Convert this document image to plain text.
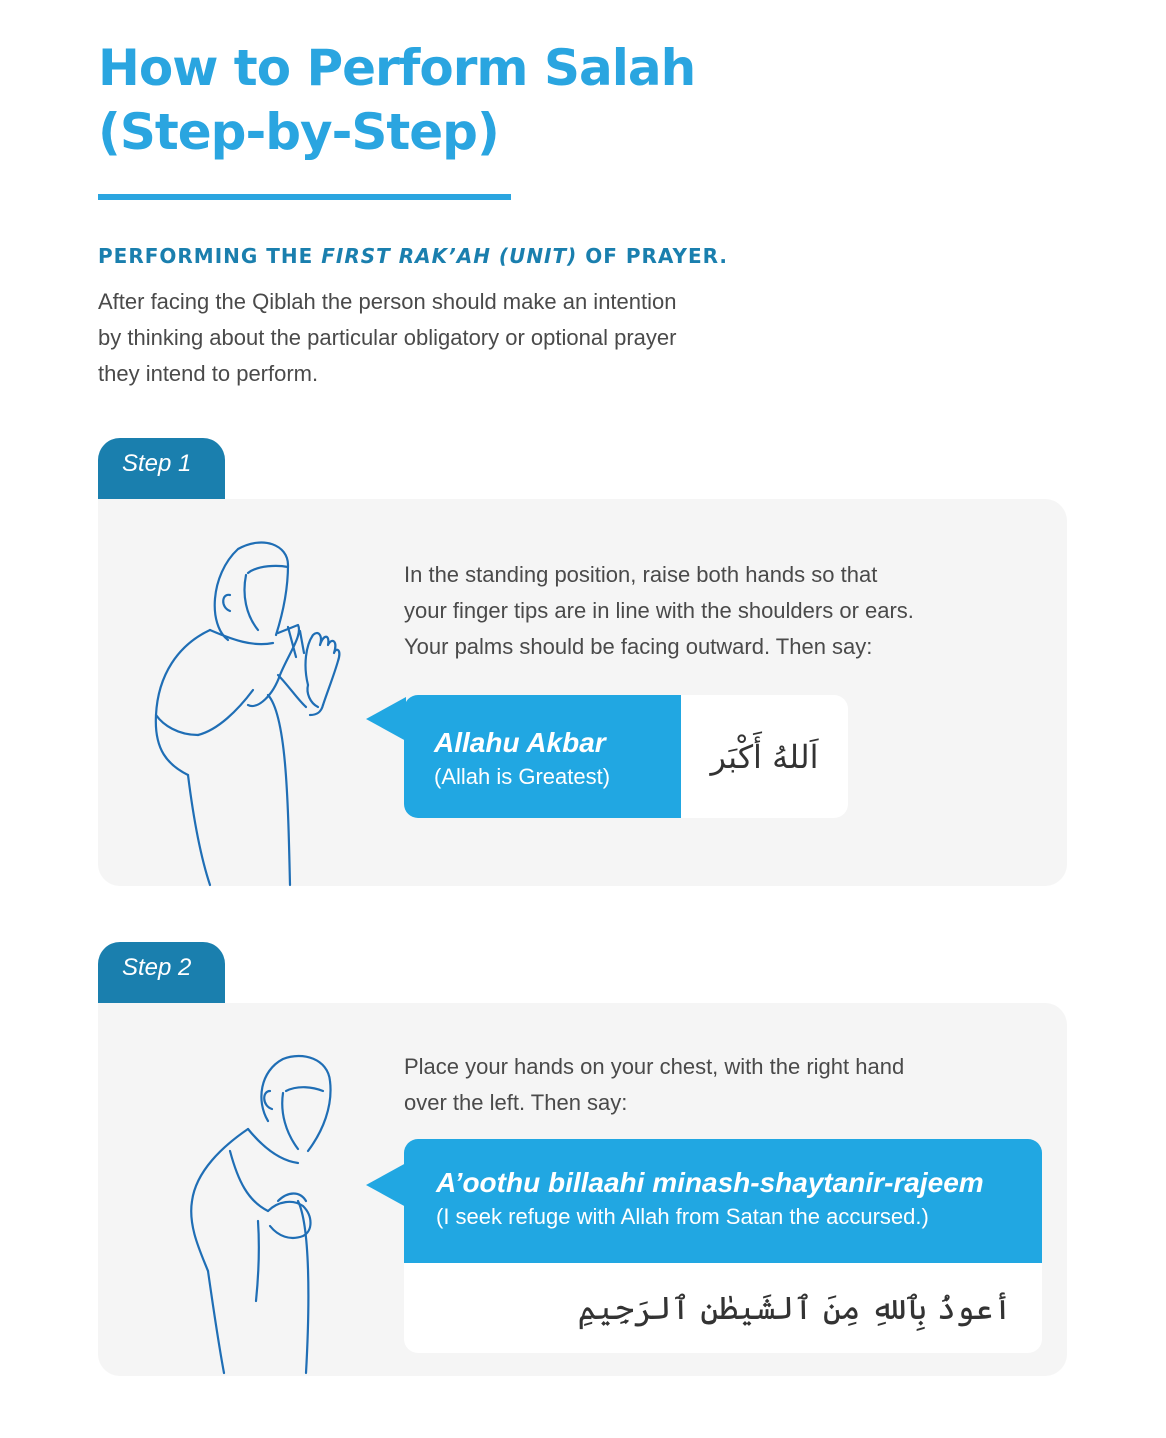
How to Perform Salah
(Step-by-Step)
PERFORMING THE FIRST RAK’AH (UNIT) OF PRAYER.

After facing the Qiblah the person should make an intention
by thinking about the particular obligatory or optional prayer
they intend to perform.

Step 1

In the standing position, raise both hands so that
your finger tips are in line with the shoulders or ears.
Your palms should be facing outward. Then say:

Allahu Akbar
(Allah is Greatest)
اَللهُ أَكْبَر
Step 2

Place your hands on your chest, with the right hand
over the left. Then say:

A’oothu billaahi minash-shaytanir-rajeem
(I seek refuge with Allah from Satan the accursed.)
أعوذُ بِٱللهِ مِنَ ٱلشَيطٰنِ ٱلرَجِيمِ
